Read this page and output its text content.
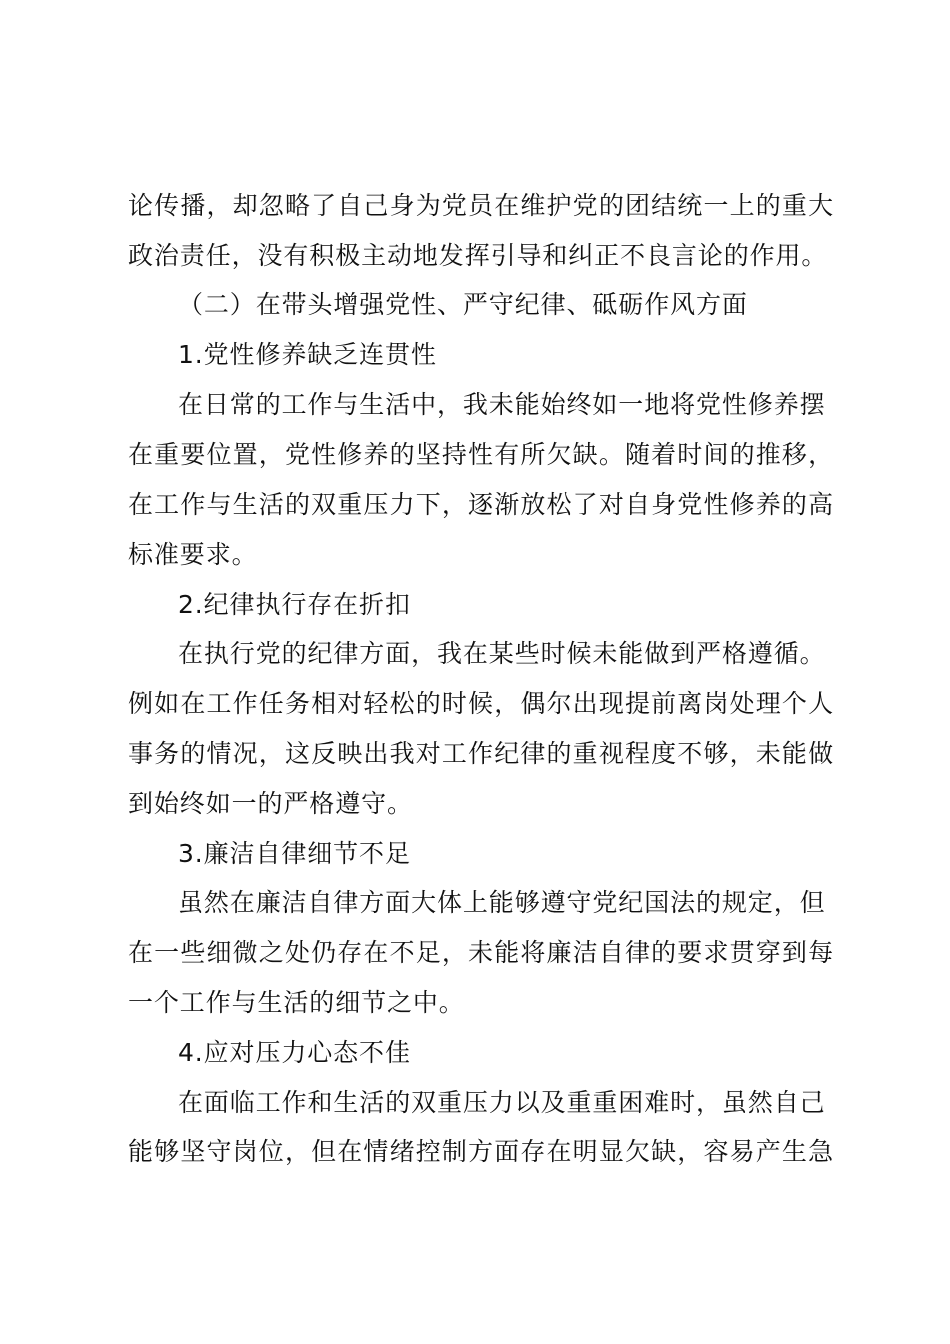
论传播，却忽略了自己身为党员在维护党的团结统一上的重大
政治责任，没有积极主动地发挥引导和纠正不良言论的作用。
（二）在带头增强党性、严守纪律、砥砺作风方面
1.党性修养缺乏连贯性
在日常的工作与生活中，我未能始终如一地将党性修养摆
在重要位置，党性修养的坚持性有所欠缺。随着时间的推移，
在工作与生活的双重压力下，逐渐放松了对自身党性修养的高
标准要求。
2.纪律执行存在折扣
在执行党的纪律方面，我在某些时候未能做到严格遵循。
例如在工作任务相对轻松的时候，偶尔出现提前离岗处理个人
事务的情况，这反映出我对工作纪律的重视程度不够，未能做
到始终如一的严格遵守。
3.廉洁自律细节不足
虽然在廉洁自律方面大体上能够遵守党纪国法的规定，但
在一些细微之处仍存在不足，未能将廉洁自律的要求贯穿到每
一个工作与生活的细节之中。
4.应对压力心态不佳
在面临工作和生活的双重压力以及重重困难时，虽然自己
能够坚守岗位，但在情绪控制方面存在明显欠缺，容易产生急
